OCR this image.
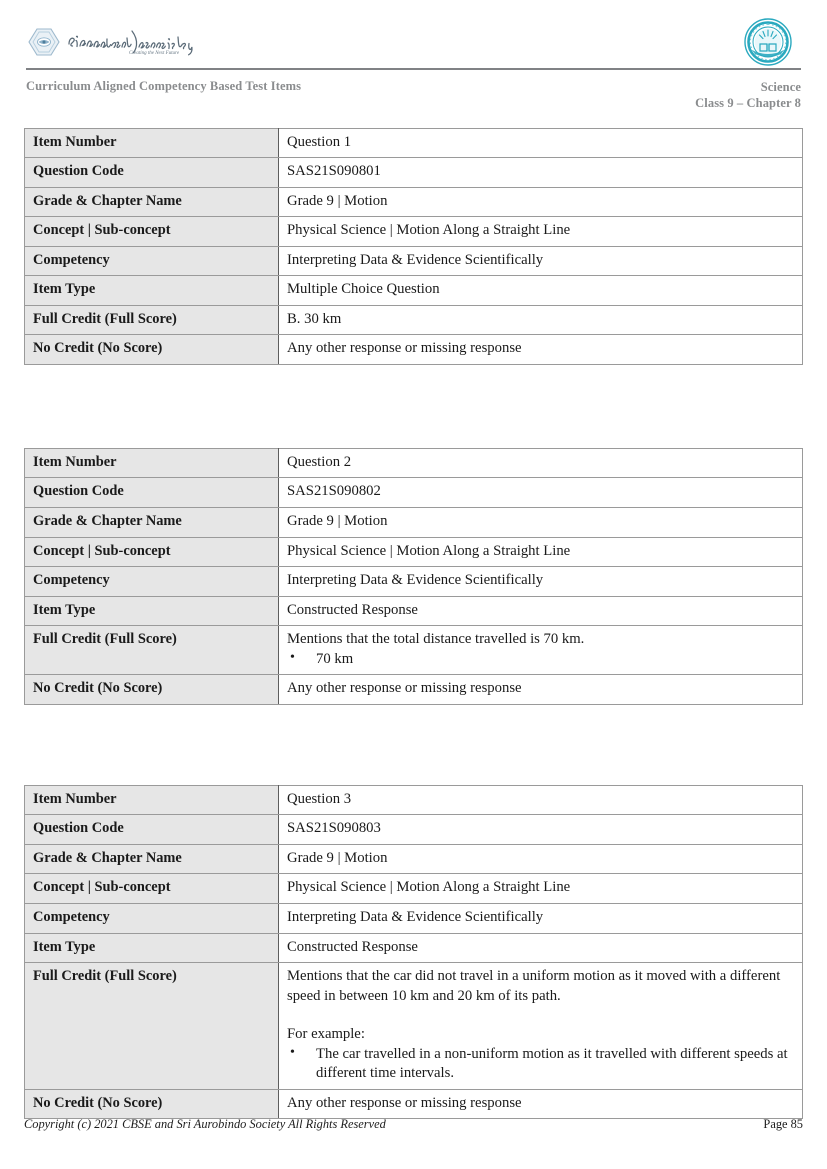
Creating the Next Future
Curriculum Aligned Competency Based Test Items	Science
Class 9 – Chapter 8
Item Number	Question 1
Question Code	SAS21S090801
Grade & Chapter Name	Grade 9 | Motion
Concept | Sub-concept	Physical Science | Motion Along a Straight Line
Competency	Interpreting Data & Evidence Scientifically
Item Type	Multiple Choice Question
Full Credit (Full Score)	B. 30 km
No Credit (No Score)	Any other response or missing response
Item Number	Question 2
Question Code	SAS21S090802
Grade & Chapter Name	Grade 9 | Motion
Concept | Sub-concept	Physical Science | Motion Along a Straight Line
Competency	Interpreting Data & Evidence Scientifically
Item Type	Constructed Response
Full Credit (Full Score)	Mentions that the total distance travelled is 70 km.
• 70 km

No Credit (No Score)	Any other response or missing response
Item Number	Question 3
Question Code	SAS21S090803
Grade & Chapter Name	Grade 9 | Motion
Concept | Sub-concept	Physical Science | Motion Along a Straight Line
Competency	Interpreting Data & Evidence Scientifically
Item Type	Constructed Response
Full Credit (Full Score)	Mentions that the car did not travel in a uniform motion as it moved with a different speed in between 10 km and 20 km of its path.
For example:
• The car travelled in a non-uniform motion as it travelled with different speeds at different time intervals.

No Credit (No Score)	Any other response or missing response
Copyright (c) 2021 CBSE and Sri Aurobindo Society All Rights Reserved	Page 85
